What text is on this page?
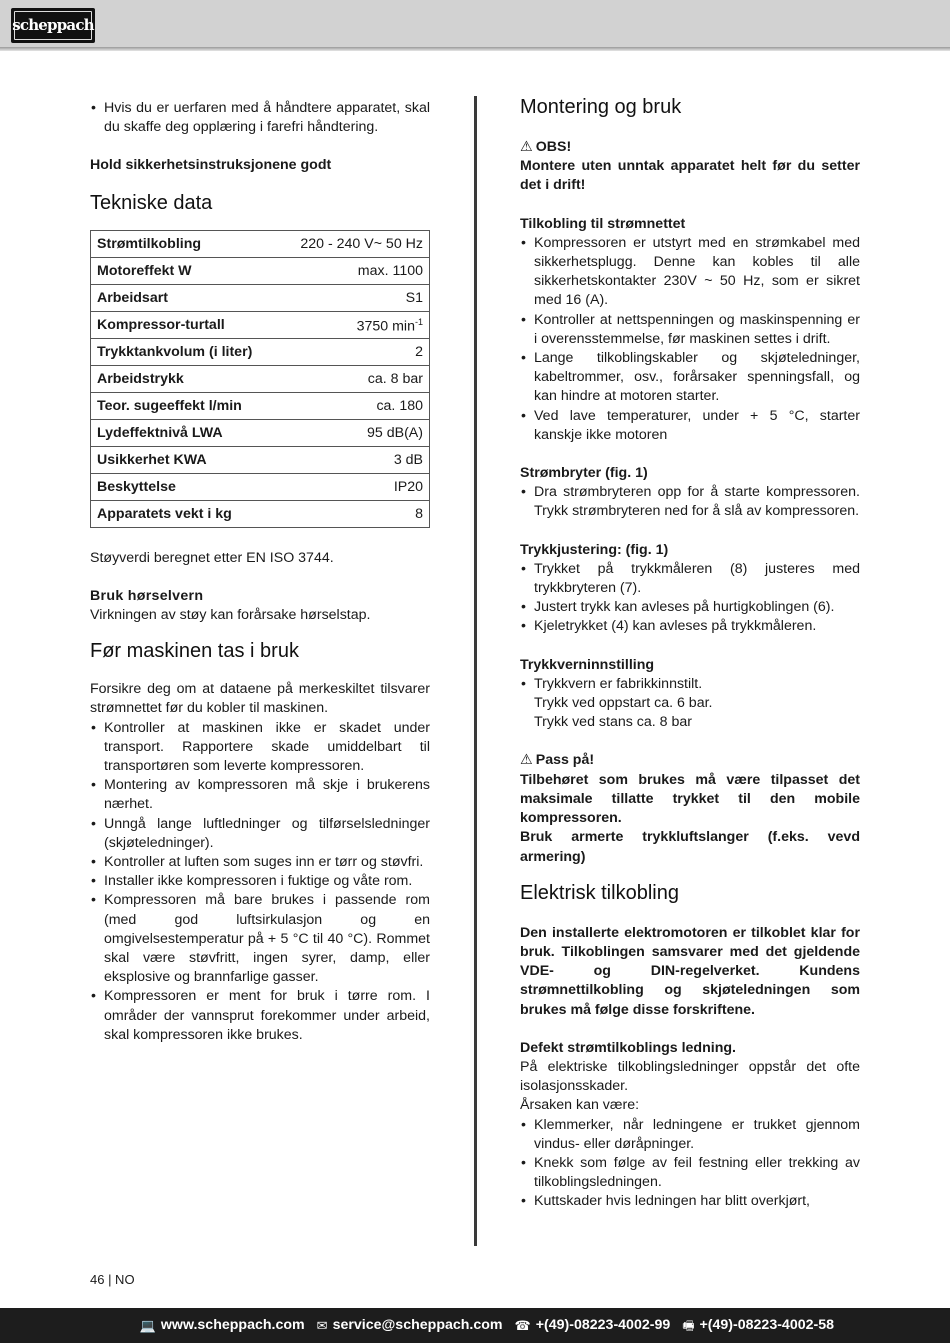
scheppach
• Hvis du er uerfaren med å håndtere apparatet, skal du skaffe deg opplæring i farefri håndtering.

Hold sikkerhetsinstruksjonene godt

Tekniske data
Strømtilkobling	220 - 240 V~ 50 Hz
Motoreffekt W	max. 1100
Arbeidsart	S1
Kompressor-turtall	3750 $\min^{-1}$
Trykktankvolum (i liter)	2
Arbeidstrykk	ca. 8 bar
Teor. sugeeffekt l/min	ca. 180
Lydeffektnivå LWA	95 dB(A)
Usikkerhet KWA	3 dB
Beskyttelse	IP20
Apparatets vekt i kg	8

Støyverdi beregnet etter EN ISO 3744.

Bruk hørselvern

Virkningen av støy kan forårsake hørselstap.

Før maskinen tas i bruk

Forsikre deg om at dataene på merkeskiltet tilsvarer strømnettet før du kobler til maskinen.

• Kontroller at maskinen ikke er skadet under transport. Rapportere skade umiddelbart til transportøren som leverte kompressoren.
• Montering av kompressoren må skje i brukerens nærhet.
• Unngå lange luftledninger og tilførselsledninger (skjøteledninger).
• Kontroller at luften som suges inn er tørr og støvfri.
• Installer ikke kompressoren i fuktige og våte rom.
• Kompressoren må bare brukes i passende rom (med god luftsirkulasjon og en omgivelsestemperatur på + 5 °C til 40 °C). Rommet skal være støvfritt, ingen syrer, damp, eller eksplosive og brannfarlige gasser.
• Kompressoren er ment for bruk i tørre rom. I områder der vannsprut forekommer under arbeid, skal kompressoren ikke brukes.
Montering og bruk

⚠ OBS!

Montere uten unntak apparatet helt før du setter det i drift!

Tilkobling til strømnettet

• Kompressoren er utstyrt med en strømkabel med sikkerhetsplugg. Denne kan kobles til alle sikkerhetskontakter 230V ~ 50 Hz, som er sikret med 16 (A).
• Kontroller at nettspenningen og maskinspenning er i overensstemmelse, før maskinen settes i drift.
• Lange tilkoblingskabler og skjøteledninger, kabeltrommer, osv., forårsaker spenningsfall, og kan hindre at motoren starter.
• Ved lave temperaturer, under + 5 °C, starter kanskje ikke motoren

Strømbryter (fig. 1)

• Dra strømbryteren opp for å starte kompressoren. Trykk strømbryteren ned for å slå av kompressoren.

Trykkjustering: (fig. 1)

• Trykket på trykkmåleren (8) justeres med trykkbryteren (7).
• Justert trykk kan avleses på hurtigkoblingen (6).
• Kjeletrykket (4) kan avleses på trykkmåleren.

Trykkverninnstilling

• Trykkvern er fabrikkinnstilt.

Trykk ved oppstart ca. 6 bar.

Trykk ved stans ca. 8 bar

⚠ Pass på!

Tilbehøret som brukes må være tilpasset det maksimale tillatte trykket til den mobile kompressoren.

Bruk armerte trykkluftslanger (f.eks. vevd armering)

Elektrisk tilkobling

Den installerte elektromotoren er tilkoblet klar for bruk. Tilkoblingen samsvarer med det gjeldende VDE- og DIN-regelverket. Kundens strømnettilkobling og skjøteledningen som brukes må følge disse forskriftene.

Defekt strømtilkoblings ledning.

På elektriske tilkoblingsledninger oppstår det ofte isolasjonsskader.

Årsaken kan være:

• Klemmerker, når ledningene er trukket gjennom vindus- eller døråpninger.
• Knekk som følge av feil festning eller trekking av tilkoblingsledningen.
• Kuttskader hvis ledningen har blitt overkjørt,
46 | NO
💻 www.scheppach.com ✉ service@scheppach.com ☎ +(49)-08223-4002-99 🖷 +(49)-08223-4002-58
